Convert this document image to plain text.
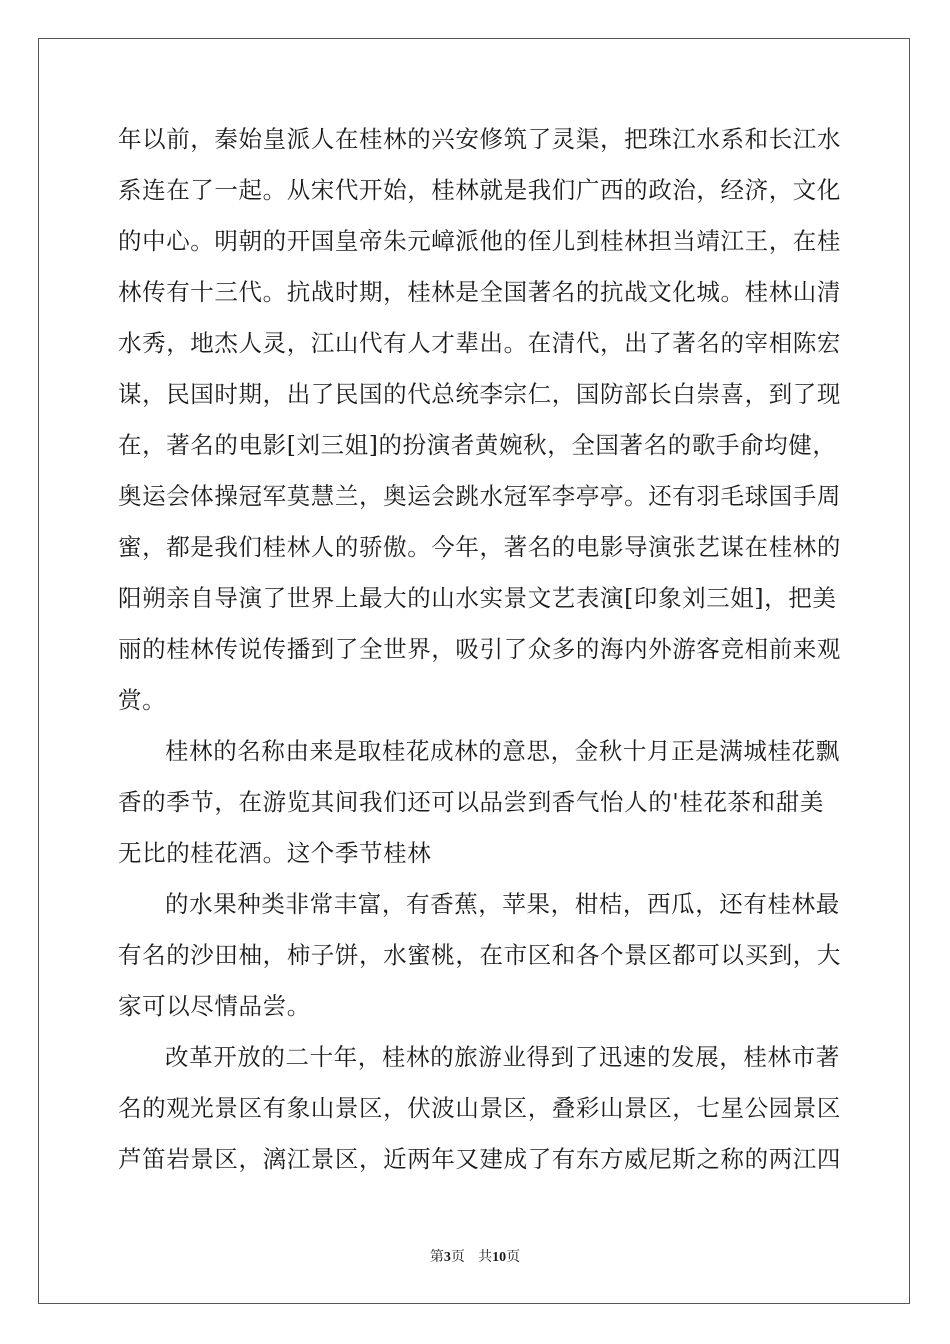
年以前，秦始皇派人在桂林的兴安修筑了灵渠，把珠江水系和长江水
系连在了一起。从宋代开始，桂林就是我们广西的政治，经济，文化
的中心。明朝的开国皇帝朱元嶂派他的侄儿到桂林担当靖江王，在桂
林传有十三代。抗战时期，桂林是全国著名的抗战文化城。桂林山清
水秀，地杰人灵，江山代有人才辈出。在清代，出了著名的宰相陈宏
谋，民国时期，出了民国的代总统李宗仁，国防部长白崇喜，到了现
在，著名的电影[刘三姐]的扮演者黄婉秋，全国著名的歌手俞均健，
奥运会体操冠军莫慧兰，奥运会跳水冠军李亭亭。还有羽毛球国手周
蜜，都是我们桂林人的骄傲。今年，著名的电影导演张艺谋在桂林的
阳朔亲自导演了世界上最大的山水实景文艺表演[印象刘三姐]，把美
丽的桂林传说传播到了全世界，吸引了众多的海内外游客竞相前来观
赏。
桂林的名称由来是取桂花成林的意思，金秋十月正是满城桂花飘
香的季节，在游览其间我们还可以品尝到香气怡人的'桂花茶和甜美
无比的桂花酒。这个季节桂林
的水果种类非常丰富，有香蕉，苹果，柑桔，西瓜，还有桂林最
有名的沙田柚，柿子饼，水蜜桃，在市区和各个景区都可以买到，大
家可以尽情品尝。
改革开放的二十年，桂林的旅游业得到了迅速的发展，桂林市著
名的观光景区有象山景区，伏波山景区，叠彩山景区，七星公园景区
芦笛岩景区，漓江景区，近两年又建成了有东方威尼斯之称的两江四
第3页 共10页
